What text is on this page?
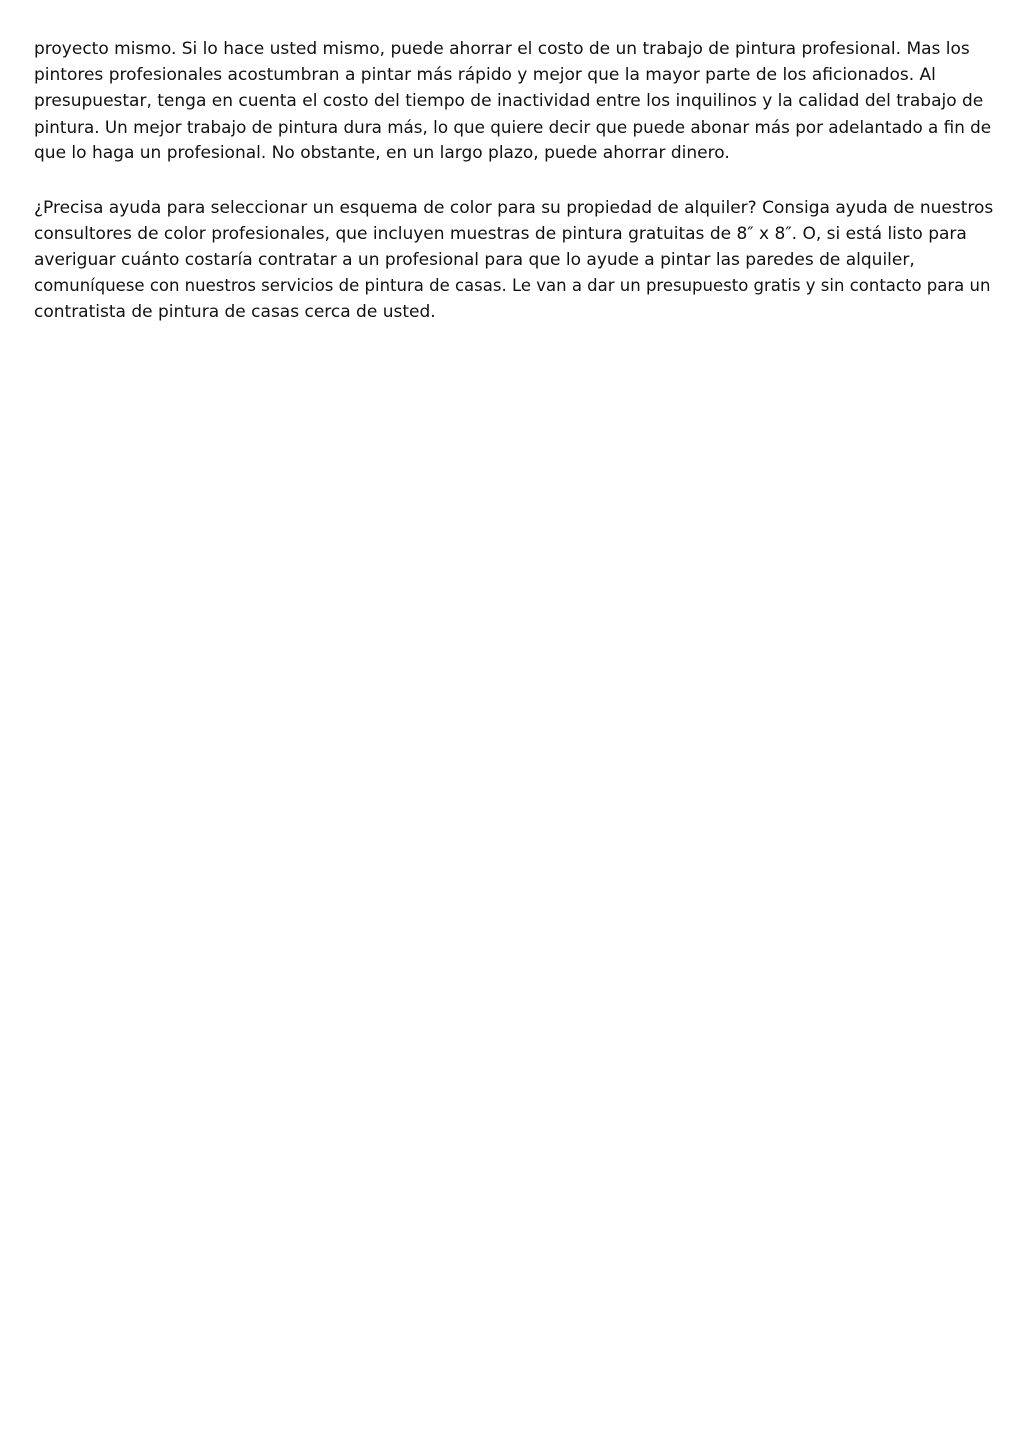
proyecto mismo. Si lo hace usted mismo, puede ahorrar el costo de un trabajo de pintura profesional. Mas los
pintores profesionales acostumbran a pintar más rápido y mejor que la mayor parte de los aficionados. Al
presupuestar, tenga en cuenta el costo del tiempo de inactividad entre los inquilinos y la calidad del trabajo de
pintura. Un mejor trabajo de pintura dura más, lo que quiere decir que puede abonar más por adelantado a fin de
que lo haga un profesional. No obstante, en un largo plazo, puede ahorrar dinero.

¿Precisa ayuda para seleccionar un esquema de color para su propiedad de alquiler? Consiga ayuda de nuestros
consultores de color profesionales, que incluyen muestras de pintura gratuitas de 8″ x 8″. O, si está listo para
averiguar cuánto costaría contratar a un profesional para que lo ayude a pintar las paredes de alquiler,
comuníquese con nuestros servicios de pintura de casas. Le van a dar un presupuesto gratis y sin contacto para un
contratista de pintura de casas cerca de usted.
